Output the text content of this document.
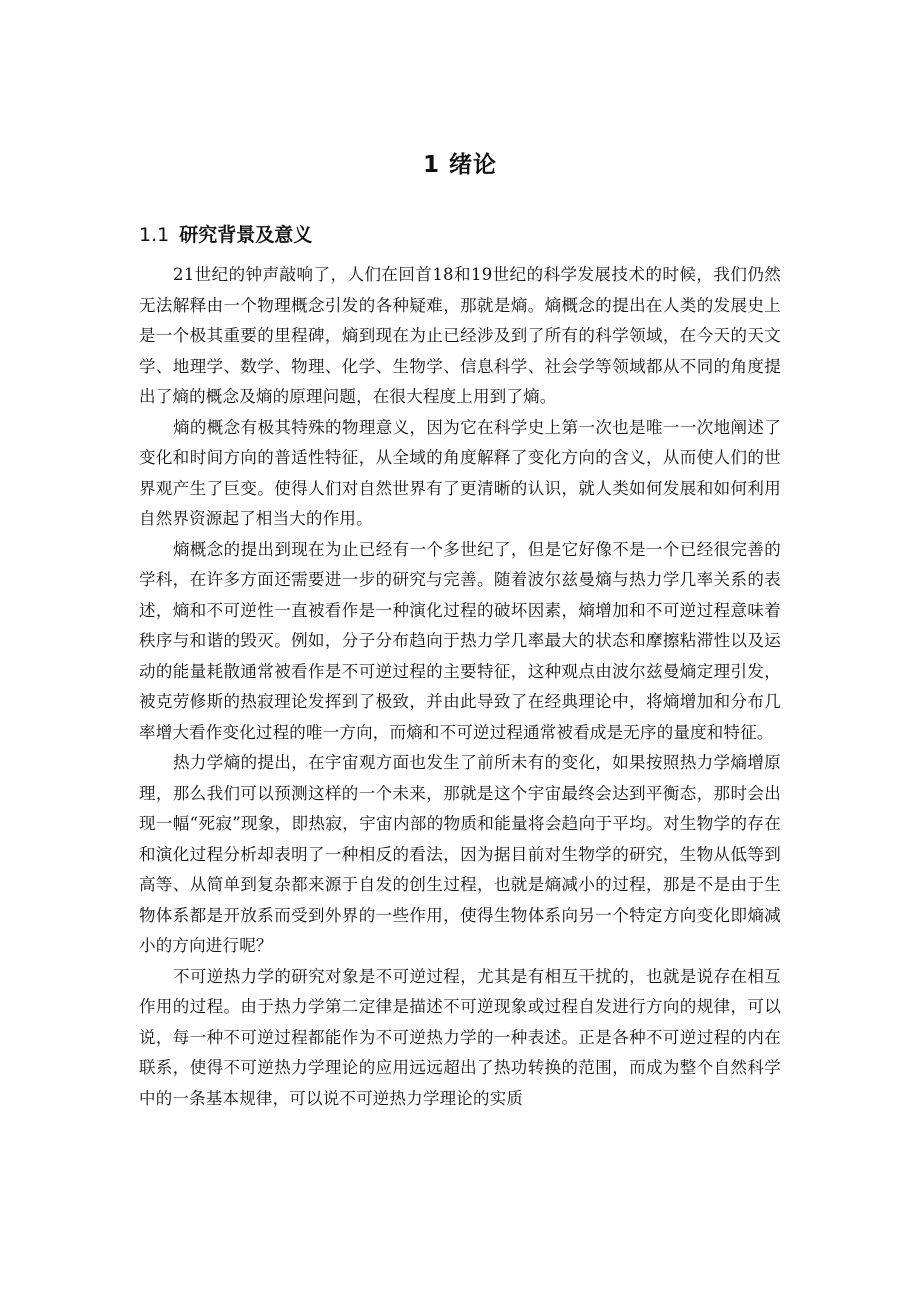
1 绪论
1.1 研究背景及意义

21世纪的钟声敲响了，人们在回首18和19世纪的科学发展技术的时候，我们仍然无法解释由一个物理概念引发的各种疑难，那就是熵。熵概念的提出在人类的发展史上是一个极其重要的里程碑，熵到现在为止已经涉及到了所有的科学领域，在今天的天文学、地理学、数学、物理、化学、生物学、信息科学、社会学等领域都从不同的角度提出了熵的概念及熵的原理问题，在很大程度上用到了熵。

熵的概念有极其特殊的物理意义，因为它在科学史上第一次也是唯一一次地阐述了变化和时间方向的普适性特征，从全域的角度解释了变化方向的含义，从而使人们的世界观产生了巨变。使得人们对自然世界有了更清晰的认识，就人类如何发展和如何利用自然界资源起了相当大的作用。

熵概念的提出到现在为止已经有一个多世纪了，但是它好像不是一个已经很完善的学科，在许多方面还需要进一步的研究与完善。随着波尔兹曼熵与热力学几率关系的表述，熵和不可逆性一直被看作是一种演化过程的破坏因素，熵增加和不可逆过程意味着秩序与和谐的毁灭。例如，分子分布趋向于热力学几率最大的状态和摩擦粘滞性以及运动的能量耗散通常被看作是不可逆过程的主要特征，这种观点由波尔兹曼熵定理引发，被克劳修斯的热寂理论发挥到了极致，并由此导致了在经典理论中，将熵增加和分布几率增大看作变化过程的唯一方向，而熵和不可逆过程通常被看成是无序的量度和特征。

热力学熵的提出，在宇宙观方面也发生了前所未有的变化，如果按照热力学熵增原理，那么我们可以预测这样的一个未来，那就是这个宇宙最终会达到平衡态，那时会出现一幅“死寂”现象，即热寂，宇宙内部的物质和能量将会趋向于平均。对生物学的存在和演化过程分析却表明了一种相反的看法，因为据目前对生物学的研究，生物从低等到高等、从简单到复杂都来源于自发的创生过程，也就是熵减小的过程，那是不是由于生物体系都是开放系而受到外界的一些作用，使得生物体系向另一个特定方向变化即熵减小的方向进行呢？

不可逆热力学的研究对象是不可逆过程，尤其是有相互干扰的，也就是说存在相互作用的过程。由于热力学第二定律是描述不可逆现象或过程自发进行方向的规律，可以说，每一种不可逆过程都能作为不可逆热力学的一种表述。正是各种不可逆过程的内在联系，使得不可逆热力学理论的应用远远超出了热功转换的范围，而成为整个自然科学中的一条基本规律，可以说不可逆热力学理论的实质
